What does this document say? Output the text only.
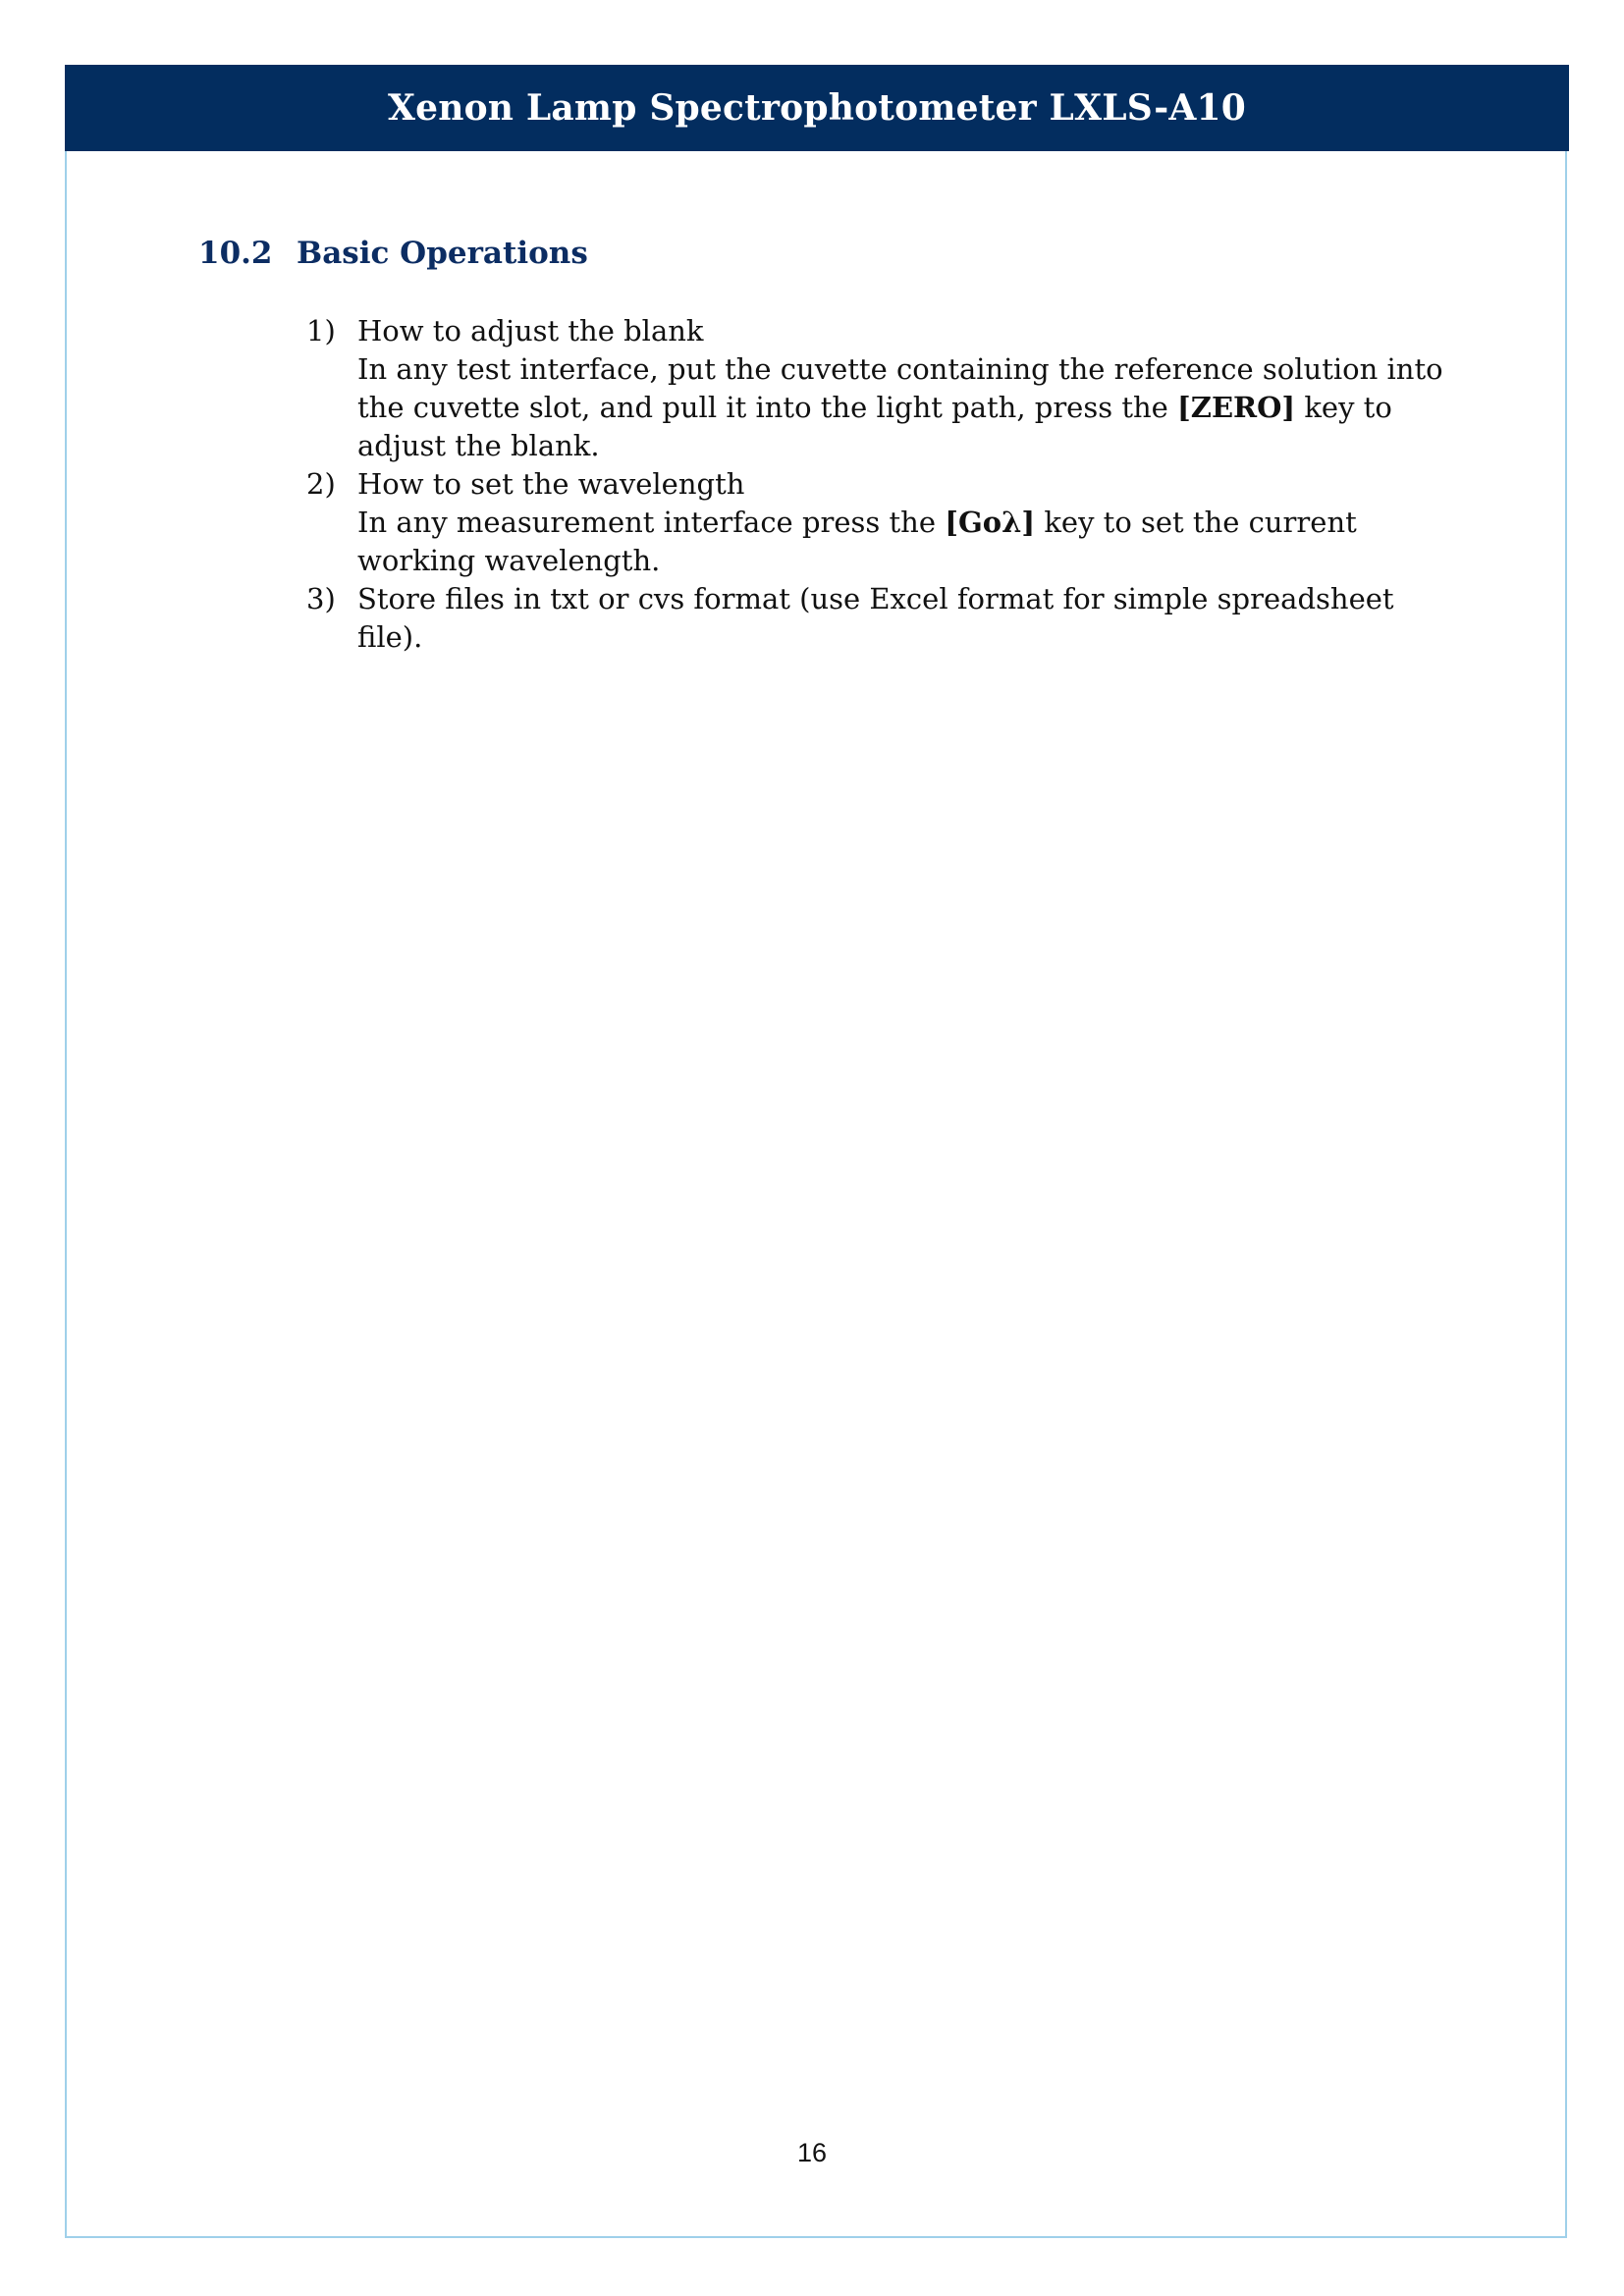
Xenon Lamp Spectrophotometer LXLS-A10
10.2 Basic Operations
1) How to adjust the blank
In any test interface, put the cuvette containing the reference solution into the cuvette slot, and pull it into the light path, press the [ZERO] key to adjust the blank.
2) How to set the wavelength
In any measurement interface press the [Goλ] key to set the current working wavelength.
3) Store files in txt or cvs format (use Excel format for simple spreadsheet file).
16
